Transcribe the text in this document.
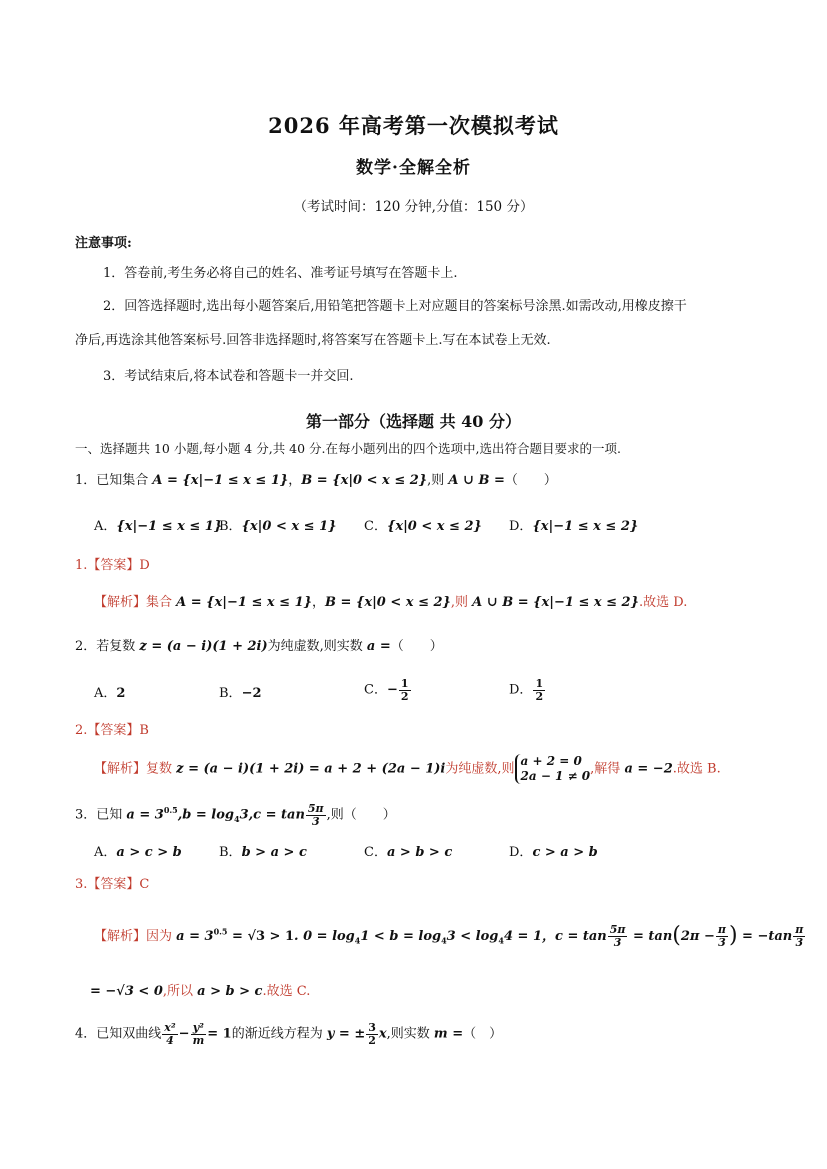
2026 年高考第一次模拟考试
数学·全解全析
（考试时间：120 分钟,分值：150 分）
注意事项:
1．答卷前,考生务必将自己的姓名、准考证号填写在答题卡上.
2．回答选择题时,选出每小题答案后,用铅笔把答题卡上对应题目的答案标号涂黑.如需改动,用橡皮擦干
净后,再选涂其他答案标号.回答非选择题时,将答案写在答题卡上.写在本试卷上无效.
3．考试结束后,将本试卷和答题卡一并交回.
第一部分（选择题 共 40 分）
一、选择题共 10 小题,每小题 4 分,共 40 分.在每小题列出的四个选项中,选出符合题目要求的一项.
1．已知集合 A = {x|−1 ≤ x ≤ 1}，B = {x|0 < x ≤ 2},则 A ∪ B =（　　）
A．{x|−1 ≤ x ≤ 1}
B．{x|0 < x ≤ 1} C．{x|0 < x ≤ 2} D．{x|−1 ≤ x ≤ 2}
1.【答案】D
【解析】集合 A = {x|−1 ≤ x ≤ 1}，B = {x|0 < x ≤ 2},则 A ∪ B = {x|−1 ≤ x ≤ 2}.故选 D.
2．若复数 z = (a − i)(1 + 2i)为纯虚数,则实数 a =（　　）
A．2	B．−2	C．− $\frac{1}{2}$	D． $\frac{1}{2}$
2.【答案】B
【解析】复数 z = (a − i)(1 + 2i) = a + 2 + (2a − 1)i为纯虚数,则
a + 2 = 0
2a − 1 ≠ 0 ,解得 a = −2.故选 B.
3．已知 $a = 3^{0.5},b = \log_43,c = \tan \frac{5\pi}{3}$ ,则（　　）
A．a > c > b	B．b > a > c	C．a > b > c	D．c > a > b
3.【答案】C
【解析】因为 $a = 3^{0.5} = √3 > 1$. $0 = \log_41 < b = \log_43 < \log_44 = 1$，$c = \tan \frac{5\pi}{3} = \tan(2\pi - \frac{\pi}{3}$ ) = $-\tan \frac{\pi}{3}$
= −√3 < 0,所以 a > b > c.故选 C.
4．已知双曲线 $\frac{\text{x²}}{4} - \frac{\text{y²}}{m} = 1$的渐近线方程为 y = ± $\frac{3}{2} x$,则实数 m =（　）
